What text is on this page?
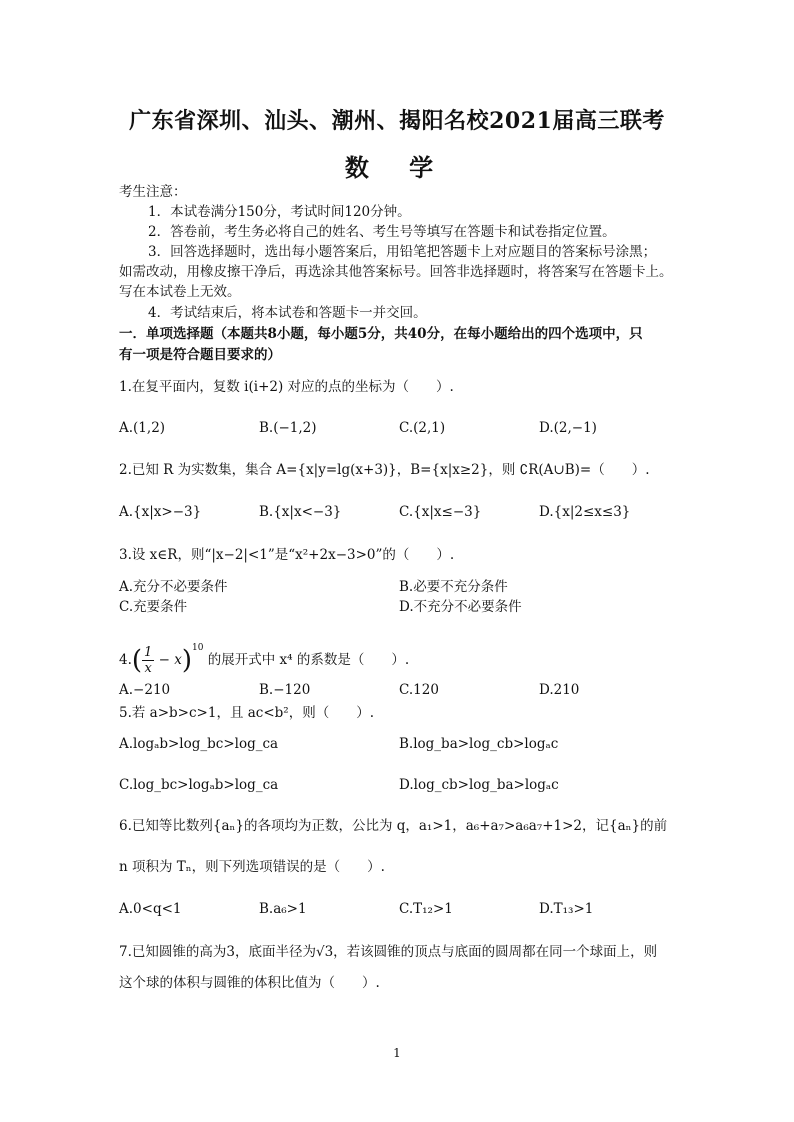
广东省深圳、汕头、潮州、揭阳名校2021届高三联考
数 学
考生注意：
1．本试卷满分150分，考试时间120分钟。
2．答卷前，考生务必将自己的姓名、考生号等填写在答题卡和试卷指定位置。
3．回答选择题时，选出每小题答案后，用铅笔把答题卡上对应题目的答案标号涂黑；
如需改动，用橡皮擦干净后，再选涂其他答案标号。回答非选择题时，将答案写在答题卡上。
写在本试卷上无效。
4．考试结束后，将本试卷和答题卡一并交回。
一．单项选择题（本题共8小题，每小题5分，共40分，在每小题给出的四个选项中，只
有一项是符合题目要求的）
1.在复平面内，复数 i(i+2) 对应的点的坐标为（　　）.
A.(1,2)	B.(−1,2)	C.(2,1)	D.(2,−1)
2.已知 R 为实数集，集合 A={x|y=lg(x+3)}，B={x|x≥2}，则 ∁R(A∪B)=（　　）.
A.{x|x>−3}	B.{x|x<−3}	C.{x|x≤−3}	D.{x|2≤x≤3}
3.设 x∈R，则“|x−2|<1”是“x²+2x−3>0”的（　　）.
A.充分不必要条件	B.必要不充分条件
C.充要条件	D.不充分不必要条件
$4.( \frac{1}{x} - x)^{10}$ 的展开式中 x⁴ 的系数是（　　）.
A.−210	B.−120	C.120	D.210
5.若 a>b>c>1，且 ac<b²，则（　　）.
A.logₐb>log_bc>log_ca	B.log_ba>log_cb>logₐc
C.log_bc>logₐb>log_ca	D.log_cb>log_ba>logₐc
6.已知等比数列{aₙ}的各项均为正数，公比为 q，a₁>1，a₆+a₇>a₆a₇+1>2，记{aₙ}的前
n 项积为 Tₙ，则下列选项错误的是（　　）.
A.0<q<1	B.a₆>1	C.T₁₂>1	D.T₁₃>1
7.已知圆锥的高为3，底面半径为√3，若该圆锥的顶点与底面的圆周都在同一个球面上，则
这个球的体积与圆锥的体积比值为（　　）.
1
